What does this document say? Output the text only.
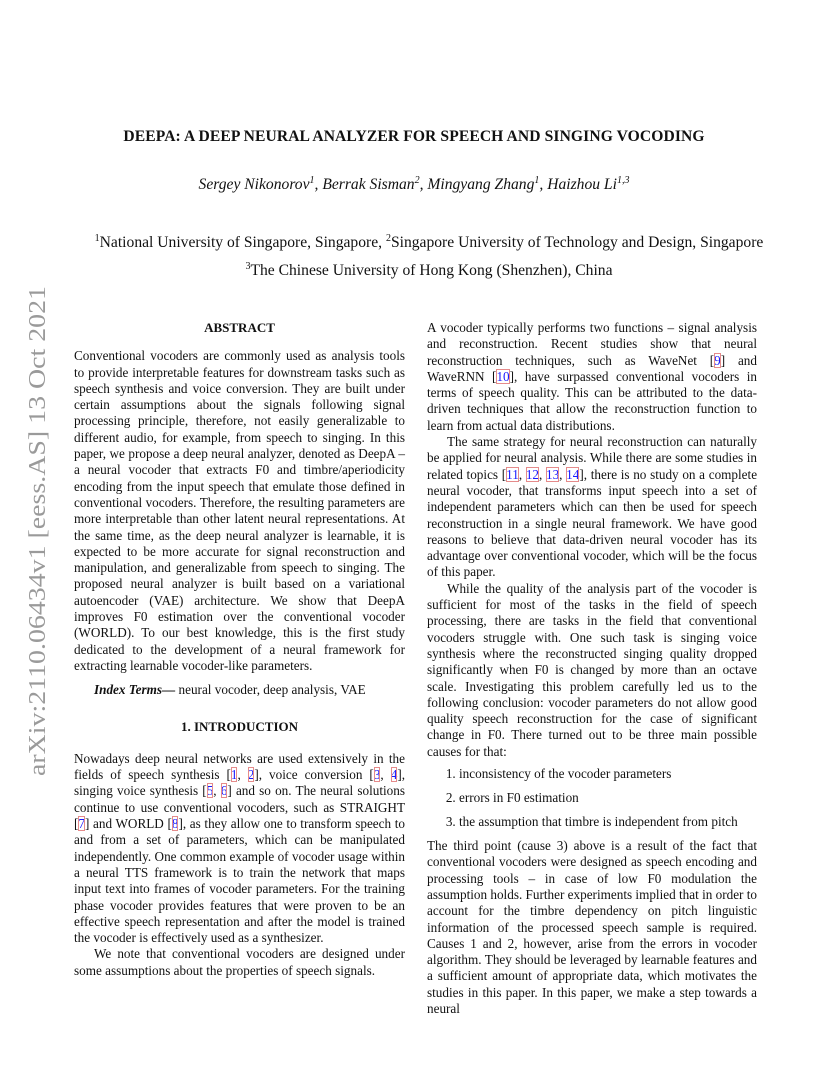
arXiv:2110.06434v1 [eess.AS] 13 Oct 2021
DEEPA: A DEEP NEURAL ANALYZER FOR SPEECH AND SINGING VOCODING
Sergey Nikonorov$^1$, Berrak Sisman$^2$, Mingyang Zhang$^1$, Haizhou Li$^{1,3}$
$^1$National University of Singapore, Singapore, $^2$Singapore University of Technology and Design, Singapore
$^3$The Chinese University of Hong Kong (Shenzhen), China
ABSTRACT

Conventional vocoders are commonly used as analysis tools to provide interpretable features for downstream tasks such as speech synthesis and voice conversion. They are built under certain assumptions about the signals following signal processing principle, therefore, not easily generalizable to different audio, for example, from speech to singing. In this paper, we propose a deep neural analyzer, denoted as DeepA – a neural vocoder that extracts F0 and timbre/aperiodicity encoding from the input speech that emulate those defined in conventional vocoders. Therefore, the resulting parameters are more interpretable than other latent neural representations. At the same time, as the deep neural analyzer is learnable, it is expected to be more accurate for signal reconstruction and manipulation, and generalizable from speech to singing. The proposed neural analyzer is built based on a variational autoencoder (VAE) architecture. We show that DeepA improves F0 estimation over the conventional vocoder (WORLD). To our best knowledge, this is the first study dedicated to the development of a neural framework for extracting learnable vocoder-like parameters.

Index Terms— neural vocoder, deep analysis, VAE

1. INTRODUCTION

Nowadays deep neural networks are used extensively in the fields of speech synthesis [1, 2], voice conversion [3, 4], singing voice synthesis [5, 6] and so on. The neural solutions continue to use conventional vocoders, such as STRAIGHT [7] and WORLD [8], as they allow one to transform speech to and from a set of parameters, which can be manipulated independently. One common example of vocoder usage within a neural TTS framework is to train the network that maps input text into frames of vocoder parameters. For the training phase vocoder provides features that were proven to be an effective speech representation and after the model is trained the vocoder is effectively used as a synthesizer.

We note that conventional vocoders are designed under some assumptions about the properties of speech signals.

A vocoder typically performs two functions – signal analysis and reconstruction. Recent studies show that neural reconstruction techniques, such as WaveNet [9] and WaveRNN [10], have surpassed conventional vocoders in terms of speech quality. This can be attributed to the data-driven techniques that allow the reconstruction function to learn from actual data distributions.

The same strategy for neural reconstruction can naturally be applied for neural analysis. While there are some studies in related topics [11, 12, 13, 14], there is no study on a complete neural vocoder, that transforms input speech into a set of independent parameters which can then be used for speech reconstruction in a single neural framework. We have good reasons to believe that data-driven neural vocoder has its advantage over conventional vocoder, which will be the focus of this paper.

While the quality of the analysis part of the vocoder is sufficient for most of the tasks in the field of speech processing, there are tasks in the field that conventional vocoders struggle with. One such task is singing voice synthesis where the reconstructed singing quality dropped significantly when F0 is changed by more than an octave scale. Investigating this problem carefully led us to the following conclusion: vocoder parameters do not allow good quality speech reconstruction for the case of significant change in F0. There turned out to be three main possible causes for that:

1. inconsistency of the vocoder parameters
2. errors in F0 estimation
3. the assumption that timbre is independent from pitch

The third point (cause 3) above is a result of the fact that conventional vocoders were designed as speech encoding and processing tools – in case of low F0 modulation the assumption holds. Further experiments implied that in order to account for the timbre dependency on pitch linguistic information of the processed speech sample is required. Causes 1 and 2, however, arise from the errors in vocoder algorithm. They should be leveraged by learnable features and a sufficient amount of appropriate data, which motivates the studies in this paper. In this paper, we make a step towards a neural
